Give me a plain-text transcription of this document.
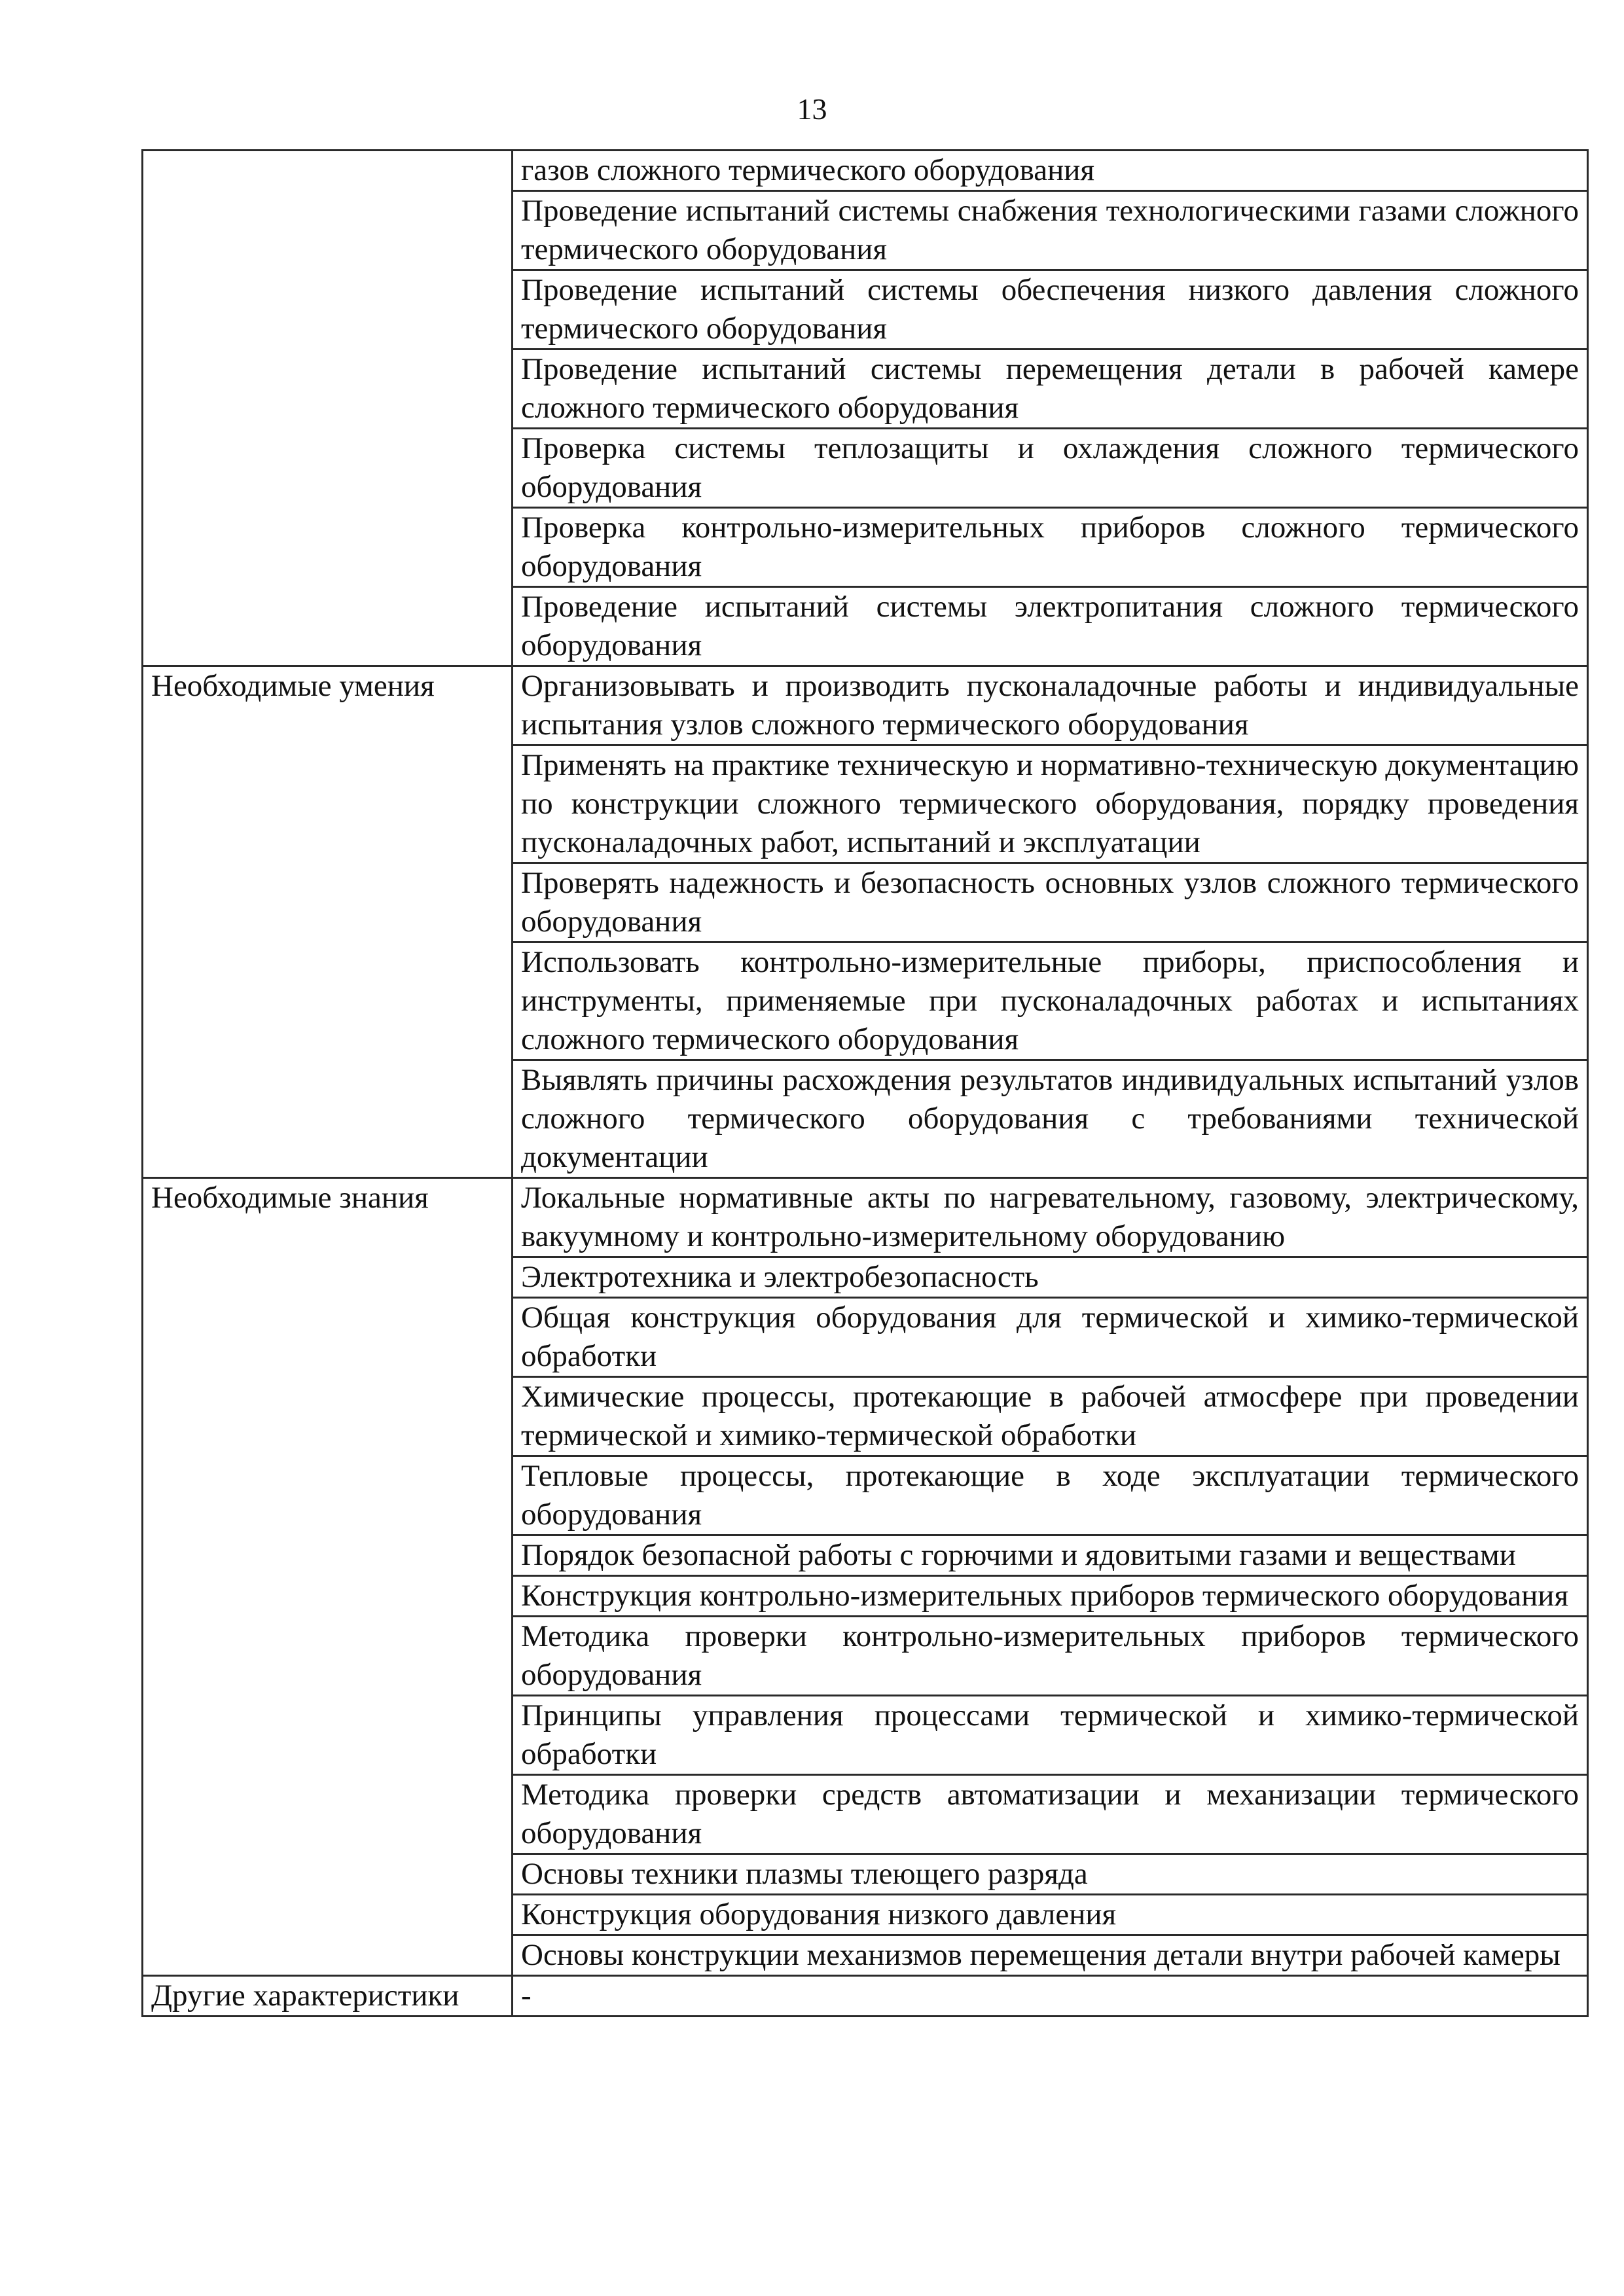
13
	газов сложного термического оборудования
	Проведение испытаний системы снабжения технологическими газами сложного термического оборудования
	Проведение испытаний системы обеспечения низкого давления сложного термического оборудования
	Проведение испытаний системы перемещения детали в рабочей камере сложного термического оборудования
	Проверка системы теплозащиты и охлаждения сложного термического оборудования
	Проверка контрольно-измерительных приборов сложного термического оборудования
	Проведение испытаний системы электропитания сложного термического оборудования
Необходимые умения	Организовывать и производить пусконаладочные работы и индивидуальные испытания узлов сложного термического оборудования
	Применять на практике техническую и нормативно-техническую документацию по конструкции сложного термического оборудования, порядку проведения пусконаладочных работ, испытаний и эксплуатации
	Проверять надежность и безопасность основных узлов сложного термического оборудования
	Использовать контрольно-измерительные приборы, приспособления и инструменты, применяемые при пусконаладочных работах и испытаниях сложного термического оборудования
	Выявлять причины расхождения результатов индивидуальных испытаний узлов сложного термического оборудования с требованиями технической документации
Необходимые знания	Локальные нормативные акты по нагревательному, газовому, электрическому, вакуумному и контрольно-измерительному оборудованию
	Электротехника и электробезопасность
	Общая конструкция оборудования для термической и химико-термической обработки
	Химические процессы, протекающие в рабочей атмосфере при проведении термической и химико-термической обработки
	Тепловые процессы, протекающие в ходе эксплуатации термического оборудования
	Порядок безопасной работы с горючими и ядовитыми газами и веществами
	Конструкция контрольно-измерительных приборов термического оборудования
	Методика проверки контрольно-измерительных приборов термического оборудования
	Принципы управления процессами термической и химико-термической обработки
	Методика проверки средств автоматизации и механизации термического оборудования
	Основы техники плазмы тлеющего разряда
	Конструкция оборудования низкого давления
	Основы конструкции механизмов перемещения детали внутри рабочей камеры
Другие характеристики	-
